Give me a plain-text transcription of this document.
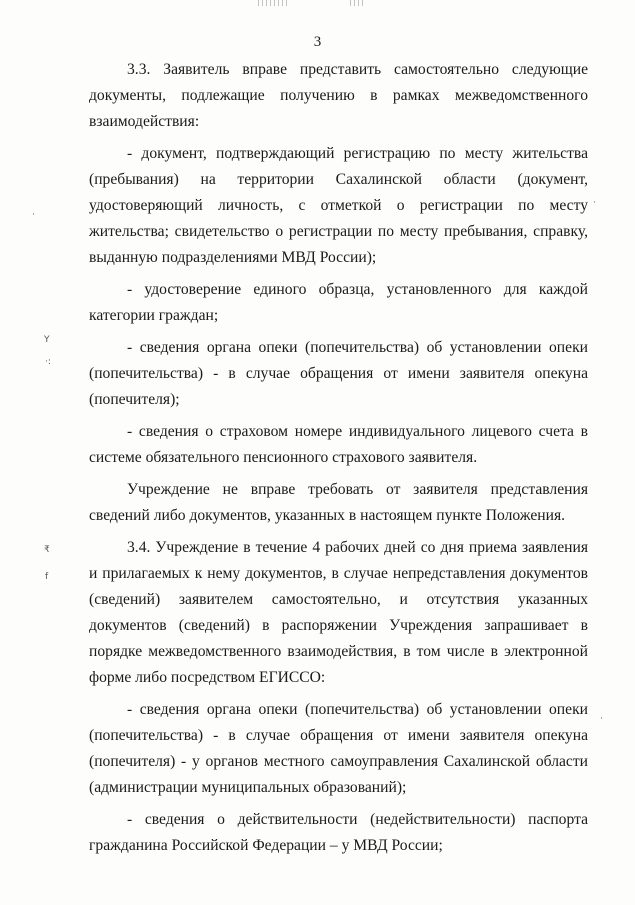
3

3.3. Заявитель вправе представить самостоятельно следующие документы, подлежащие получению в рамках межведомственного взаимодействия:

- документ, подтверждающий регистрацию по месту жительства (пребывания) на территории Сахалинской области (документ, удостоверяющий личность, с отметкой о регистрации по месту жительства; свидетельство о регистрации по месту пребывания, справку, выданную подразделениями МВД России);

- удостоверение единого образца, установленного для каждой категории граждан;

- сведения органа опеки (попечительства) об установлении опеки (попечительства) - в случае обращения от имени заявителя опекуна (попечителя);

- сведения о страховом номере индивидуального лицевого счета в системе обязательного пенсионного страхового заявителя.

Учреждение не вправе требовать от заявителя представления сведений либо документов, указанных в настоящем пункте Положения.

3.4. Учреждение в течение 4 рабочих дней со дня приема заявления и прилагаемых к нему документов, в случае непредставления документов (сведений) заявителем самостоятельно, и отсутствия указанных документов (сведений) в распоряжении Учреждения запрашивает в порядке межведомственного взаимодействия, в том числе в электронной форме либо посредством ЕГИССО:

- сведения органа опеки (попечительства) об установлении опеки (попечительства) - в случае обращения от имени заявителя опекуна (попечителя) - у органов местного самоуправления Сахалинской области (администрации муниципальных образований);

- сведения о действительности (недействительности) паспорта гражданина Российской Федерации – у МВД России;

·
Y
·:
₹
f
·
·
